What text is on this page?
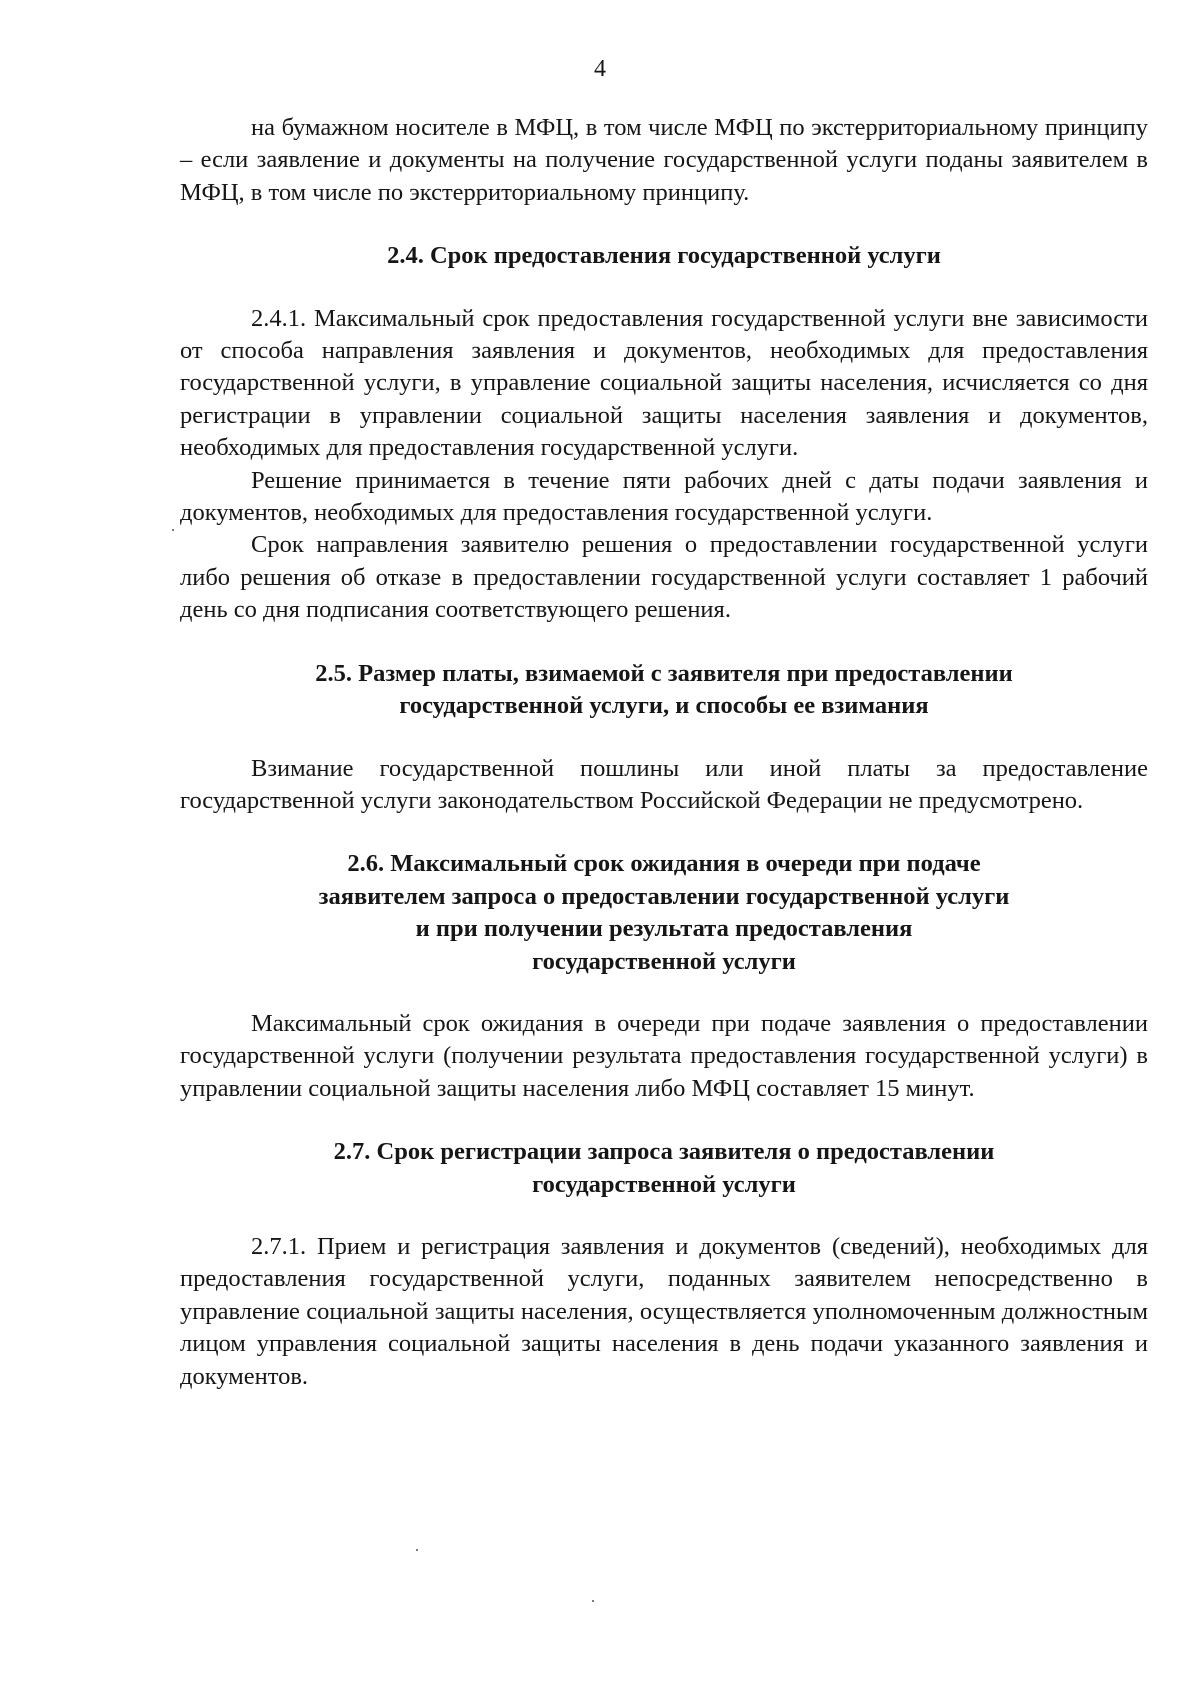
4

на бумажном носителе в МФЦ, в том числе МФЦ по экстерриториальному принципу – если заявление и документы на получение государственной услуги поданы заявителем в МФЦ, в том числе по экстерриториальному принципу.

2.4. Срок предоставления государственной услуги

2.4.1. Максимальный срок предоставления государственной услуги вне зависимости от способа направления заявления и документов, необходимых для предоставления государственной услуги, в управление социальной защиты населения, исчисляется со дня регистрации в управлении социальной защиты населения заявления и документов, необходимых для предоставления государственной услуги.

Решение принимается в течение пяти рабочих дней с даты подачи заявления и документов, необходимых для предоставления государственной услуги.

Срок направления заявителю решения о предоставлении государственной услуги либо решения об отказе в предоставлении государственной услуги составляет 1 рабочий день со дня подписания соответствующего решения.

2.5. Размер платы, взимаемой с заявителя при предоставлении
государственной услуги, и способы ее взимания

Взимание государственной пошлины или иной платы за предоставление государственной услуги законодательством Российской Федерации не предусмотрено.

2.6. Максимальный срок ожидания в очереди при подаче
заявителем запроса о предоставлении государственной услуги
и при получении результата предоставления
государственной услуги

Максимальный срок ожидания в очереди при подаче заявления о предоставлении государственной услуги (получении результата предоставления государственной услуги) в управлении социальной защиты населения либо МФЦ составляет 15 минут.

2.7. Срок регистрации запроса заявителя о предоставлении
государственной услуги

2.7.1. Прием и регистрация заявления и документов (сведений), необходимых для предоставления государственной услуги, поданных заявителем непосредственно в управление социальной защиты населения, осуществляется уполномоченным должностным лицом управления социальной защиты населения в день подачи указанного заявления и документов.
